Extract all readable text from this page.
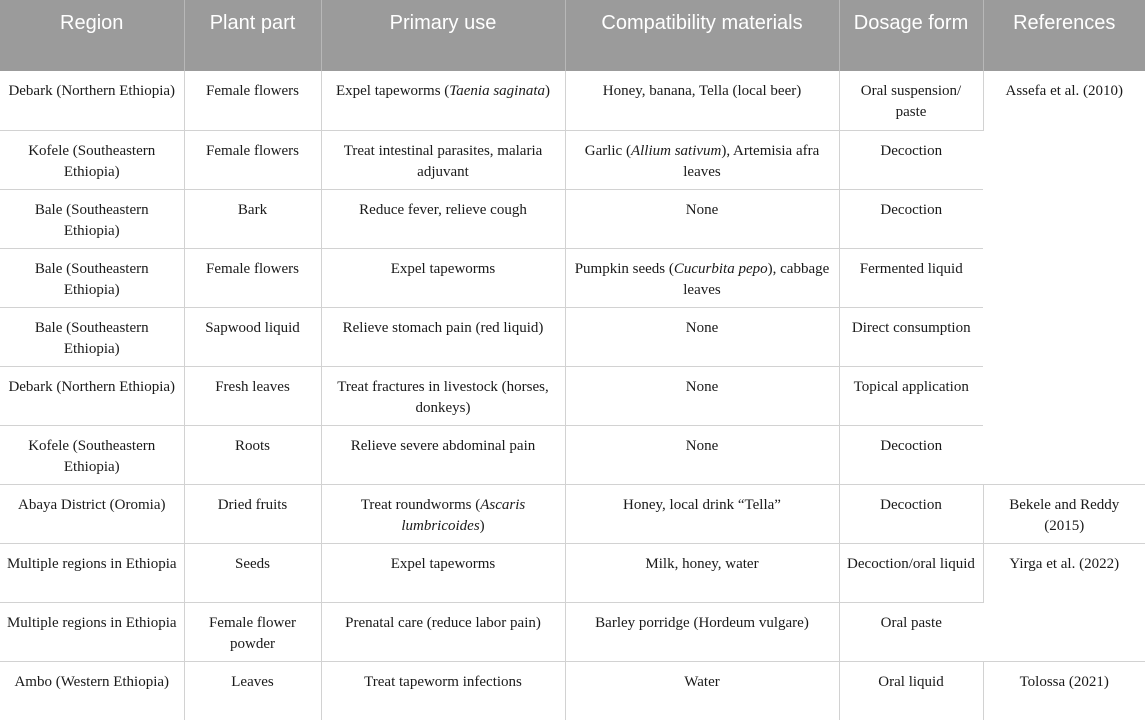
Region	Plant part	Primary use	Compatibility materials	Dosage form	References
Debark (Northern Ethiopia)	Female flowers	Expel tapeworms (Taenia saginata)	Honey, banana, Tella (local beer)	Oral suspension/ paste	Assefa et al. (2010)
Kofele (Southeastern Ethiopia)	Female flowers	Treat intestinal parasites, malaria adjuvant	Garlic (Allium sativum), Artemisia afra leaves	Decoction	
Bale (Southeastern Ethiopia)	Bark	Reduce fever, relieve cough	None	Decoction	
Bale (Southeastern Ethiopia)	Female flowers	Expel tapeworms	Pumpkin seeds (Cucurbita pepo), cabbage leaves	Fermented liquid	
Bale (Southeastern Ethiopia)	Sapwood liquid	Relieve stomach pain (red liquid)	None	Direct consumption	
Debark (Northern Ethiopia)	Fresh leaves	Treat fractures in livestock (horses, donkeys)	None	Topical application	
Kofele (Southeastern Ethiopia)	Roots	Relieve severe abdominal pain	None	Decoction	
Abaya District (Oromia)	Dried fruits	Treat roundworms (Ascaris lumbricoides)	Honey, local drink “Tella”	Decoction	Bekele and Reddy (2015)
Multiple regions in Ethiopia	Seeds	Expel tapeworms	Milk, honey, water	Decoction/oral liquid	Yirga et al. (2022)
Multiple regions in Ethiopia	Female flower powder	Prenatal care (reduce labor pain)	Barley porridge (Hordeum vulgare)	Oral paste	
Ambo (Western Ethiopia)	Leaves	Treat tapeworm infections	Water	Oral liquid	Tolossa (2021)
